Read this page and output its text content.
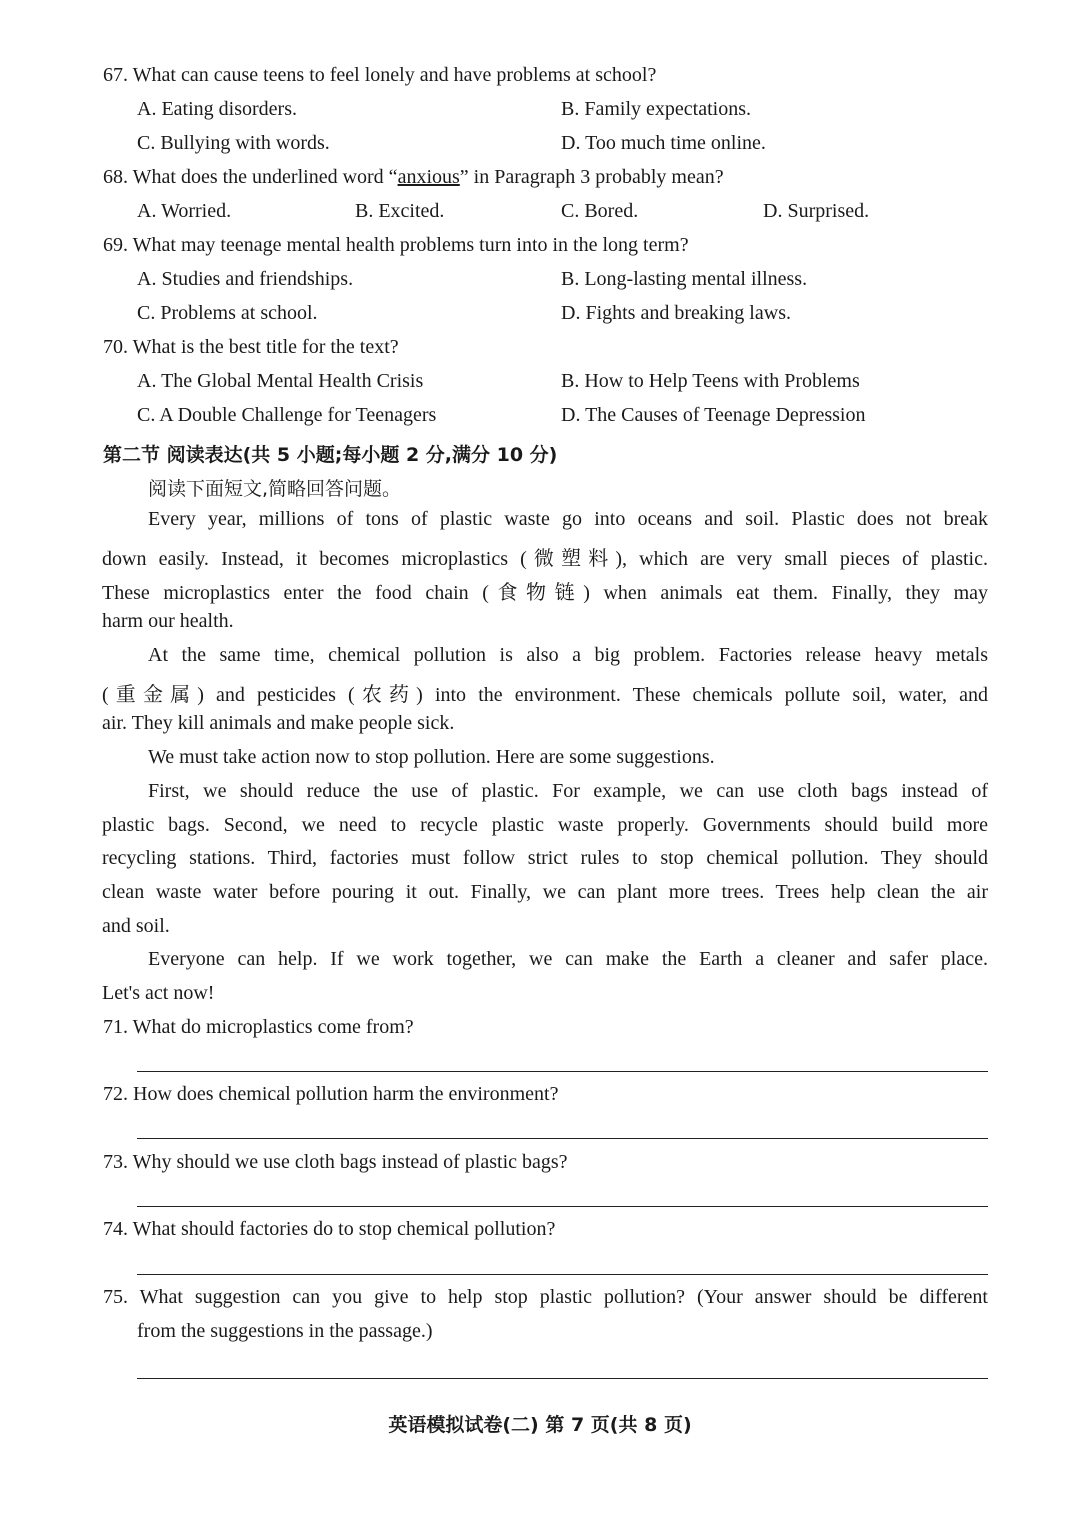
67. What can cause teens to feel lonely and have problems at school?
A. Eating disorders.	B. Family expectations.
C. Bullying with words.	D. Too much time online.
68. What does the underlined word “anxious” in Paragraph 3 probably mean?
A. Worried.	B. Excited.	C. Bored.	D. Surprised.
69. What may teenage mental health problems turn into in the long term?
A. Studies and friendships.	B. Long-lasting mental illness.
C. Problems at school.	D. Fights and breaking laws.
70. What is the best title for the text?
A. The Global Mental Health Crisis	B. How to Help Teens with Problems
C. A Double Challenge for Teenagers	D. The Causes of Teenage Depression
第二节 阅读表达(共 5 小题;每小题 2 分,满分 10 分)
阅读下面短文,简略回答问题。
Every year, millions of tons of plastic waste go into oceans and soil. Plastic does not break
down easily. Instead, it becomes microplastics (微塑料), which are very small pieces of plastic.
These microplastics enter the food chain (食物链) when animals eat them. Finally, they may
harm our health.
At the same time, chemical pollution is also a big problem. Factories release heavy metals
(重金属) and pesticides (农药) into the environment. These chemicals pollute soil, water, and
air. They kill animals and make people sick.
We must take action now to stop pollution. Here are some suggestions.
First, we should reduce the use of plastic. For example, we can use cloth bags instead of
plastic bags. Second, we need to recycle plastic waste properly. Governments should build more
recycling stations. Third, factories must follow strict rules to stop chemical pollution. They should
clean waste water before pouring it out. Finally, we can plant more trees. Trees help clean the air
and soil.
Everyone can help. If we work together, we can make the Earth a cleaner and safer place.
Let's act now!
71. What do microplastics come from?
72. How does chemical pollution harm the environment?
73. Why should we use cloth bags instead of plastic bags?
74. What should factories do to stop chemical pollution?
75. What suggestion can you give to help stop plastic pollution? (Your answer should be different
from the suggestions in the passage.)
英语模拟试卷(二) 第 7 页(共 8 页)
